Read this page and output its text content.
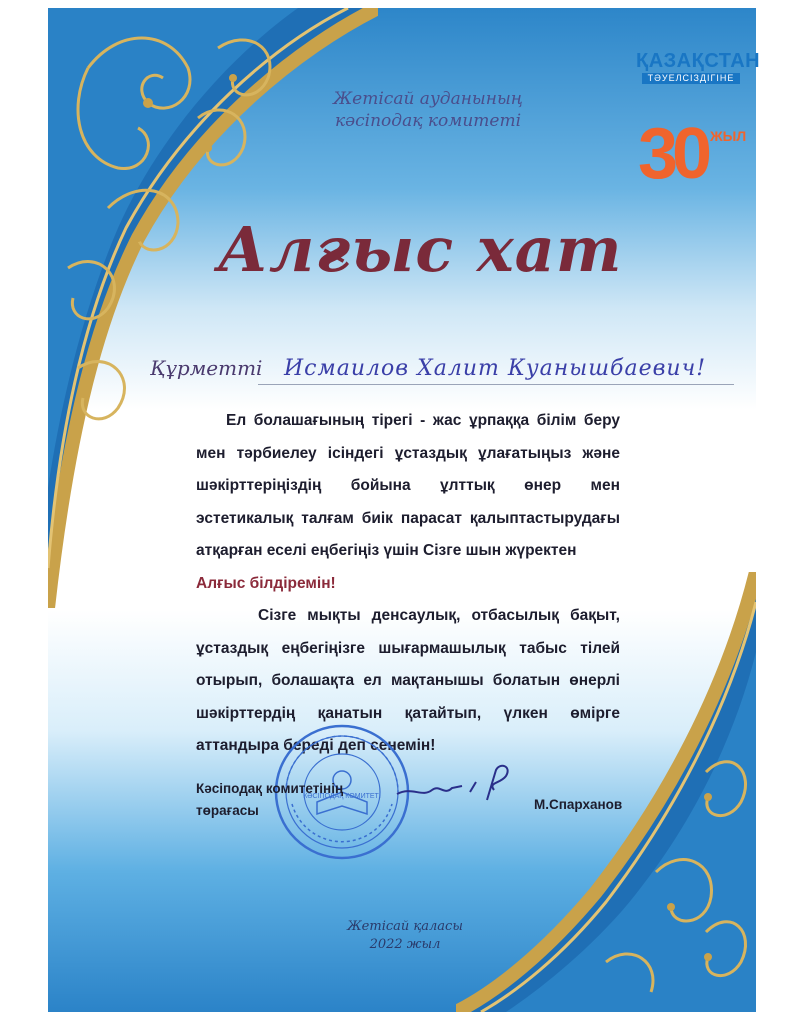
Жетісай ауданының
кәсіподақ комитеті
ҚАЗАҚСТАН
ТӘУЕЛСІЗДІГІНЕ
30 ЖЫЛ
Алғыс хат
Құрметті Исмаилов Халит Куанышбаевич!

Ел болашағының тірегі - жас ұрпаққа білім беру мен тәрбиелеу ісіндегі ұстаздық ұлағатыңыз және шәкірттеріңіздің бойына ұлттық өнер мен эстетикалық талғам биік парасат қалыптастырудағы атқарған еселі еңбегіңіз үшін Сізге шын жүректен

Алғыс білдіремін!

Сізге мықты денсаулық, отбасылық бақыт, ұстаздық еңбегіңізге шығармашылық табыс тілей отырып, болашақта ел мақтанышы болатын өнерлі шәкірттердің қанатын қатайтып, үлкен өмірге аттандыра береді деп сенемін!

КӘСІПОДАҚ КОМИТЕТІ
Кәсіподақ комитетінің
төрағасы	М.Спарханов
Жетісай қаласы
2022 жыл
